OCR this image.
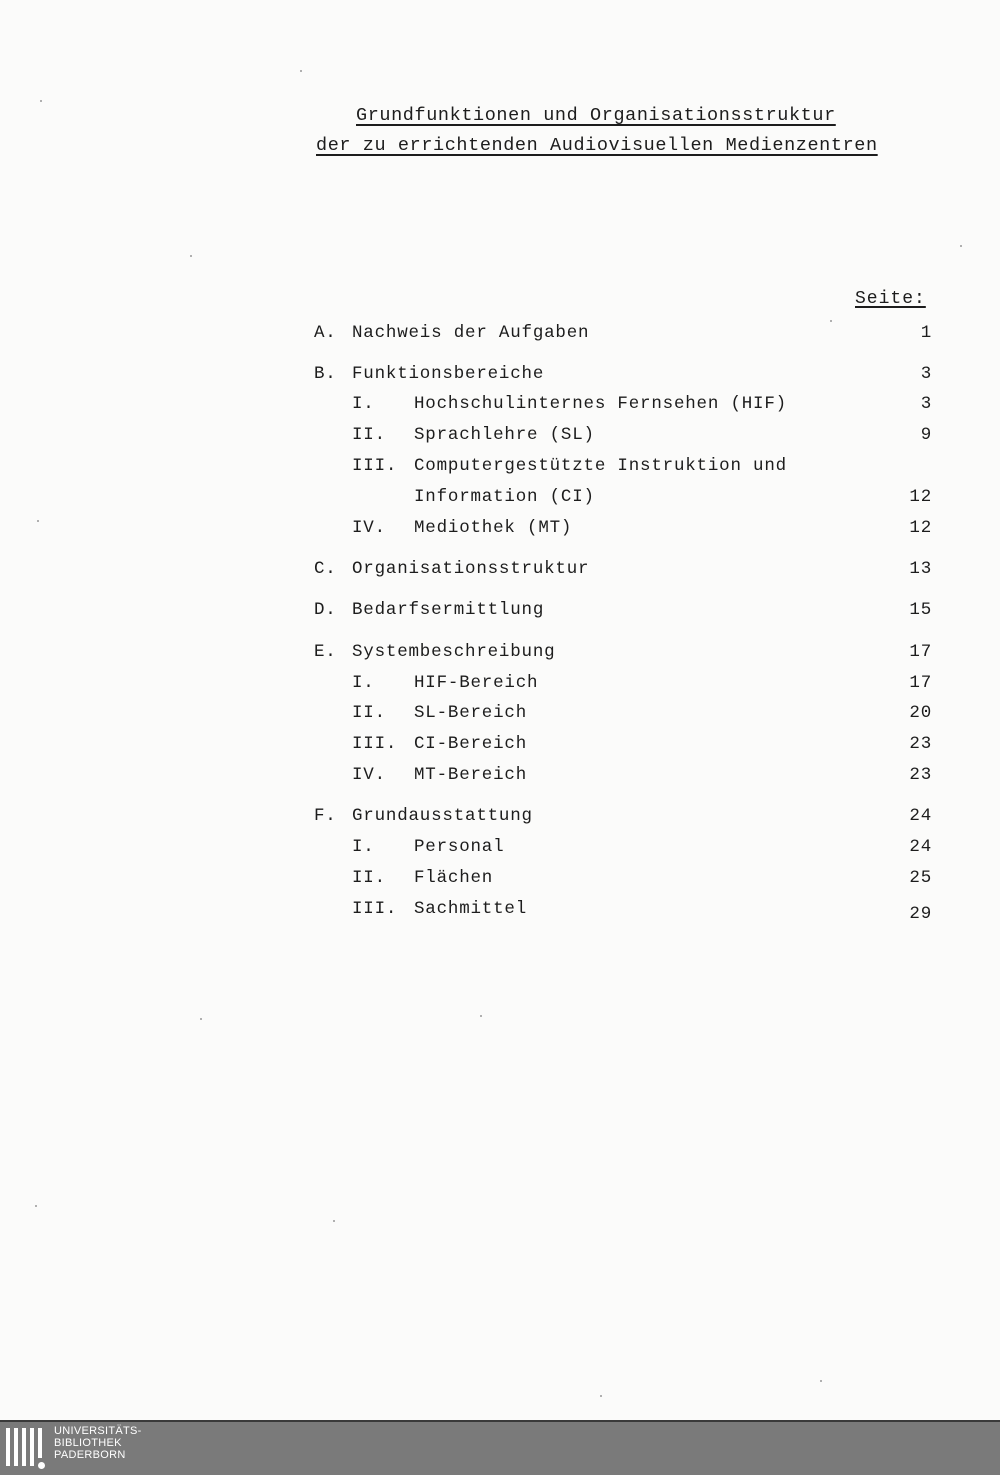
Grundfunktionen und Organisationsstruktur
der zu errichtenden Audiovisuellen Medienzentren
Seite:
A. Nachweis der Aufgaben	1
B. Funktionsbereiche	3
I. Hochschulinternes Fernsehen (HIF)	3
II. Sprachlehre (SL)	9
III. Computergestützte Instruktion und
Information (CI)	12
IV. Mediothek (MT)	12
C. Organisationsstruktur	13
D. Bedarfsermittlung	15
E. Systembeschreibung	17
I. HIF-Bereich	17
II. SL-Bereich	20
III. CI-Bereich	23
IV. MT-Bereich	23
F. Grundausstattung	24
I. Personal	24
II. Flächen	25
III. Sachmittel	29
UNIVERSITÄTS-
BIBLIOTHEK
PADERBORN
